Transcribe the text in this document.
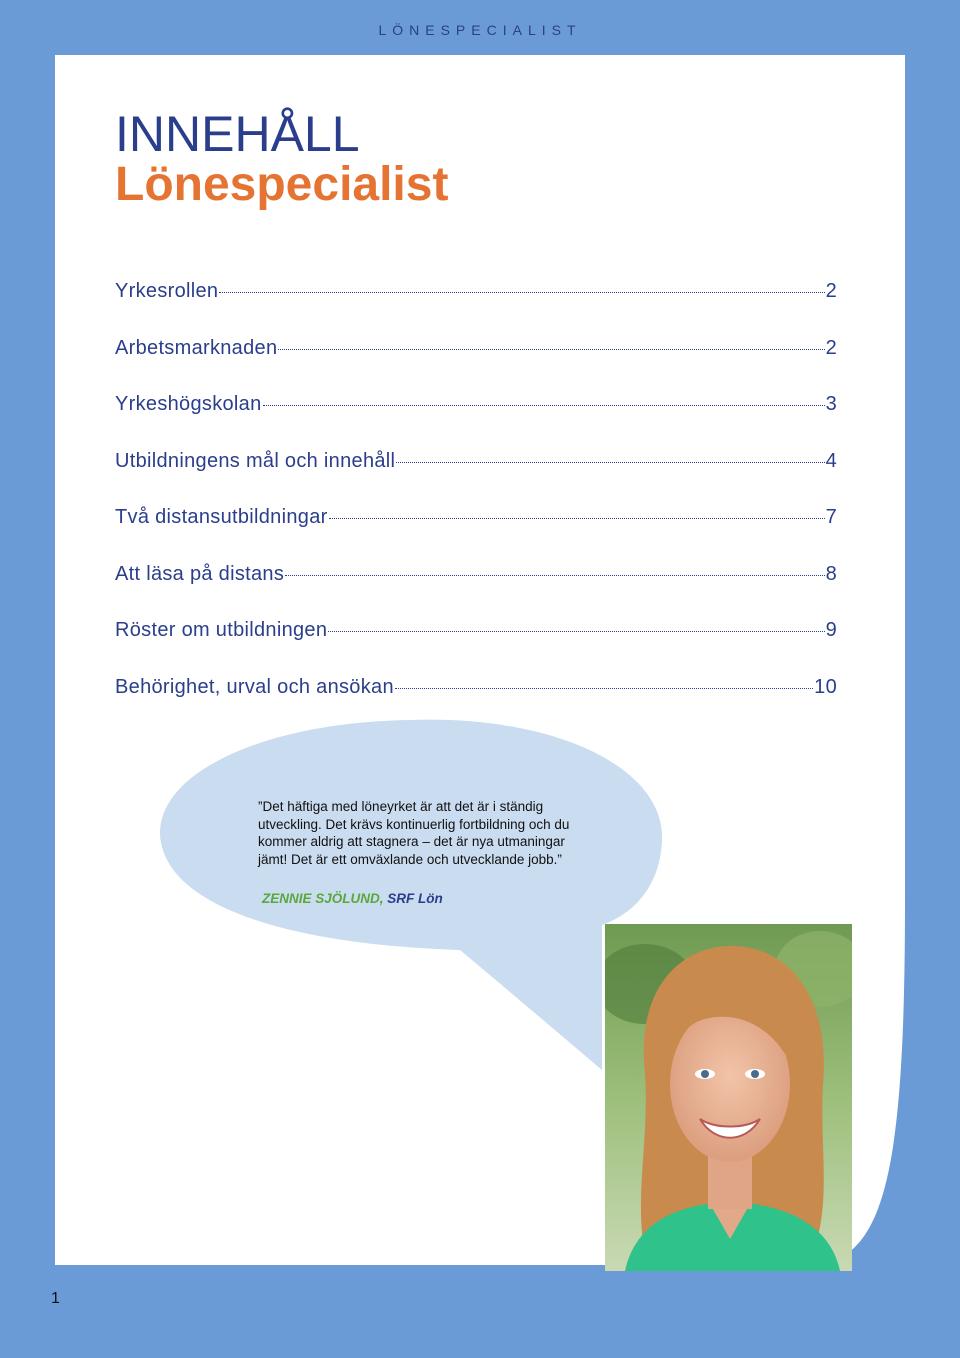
LÖNESPECIALIST
INNEHÅLL
Lönespecialist
Yrkesrollen	2
Arbetsmarknaden	2
Yrkeshögskolan	3
Utbildningens mål och innehåll	4
Två distansutbildningar	7
Att läsa på distans	8
Röster om utbildningen	9
Behörighet, urval och ansökan	10
”Det häftiga med löneyrket är att det är i ständig utveckling. Det krävs kontinuerlig fortbildning och du kommer aldrig att stagnera – det är nya utmaningar jämt! Det är ett omväxlande och utvecklande jobb.”
ZENNIE SJÖLUND, SRF Lön
1
